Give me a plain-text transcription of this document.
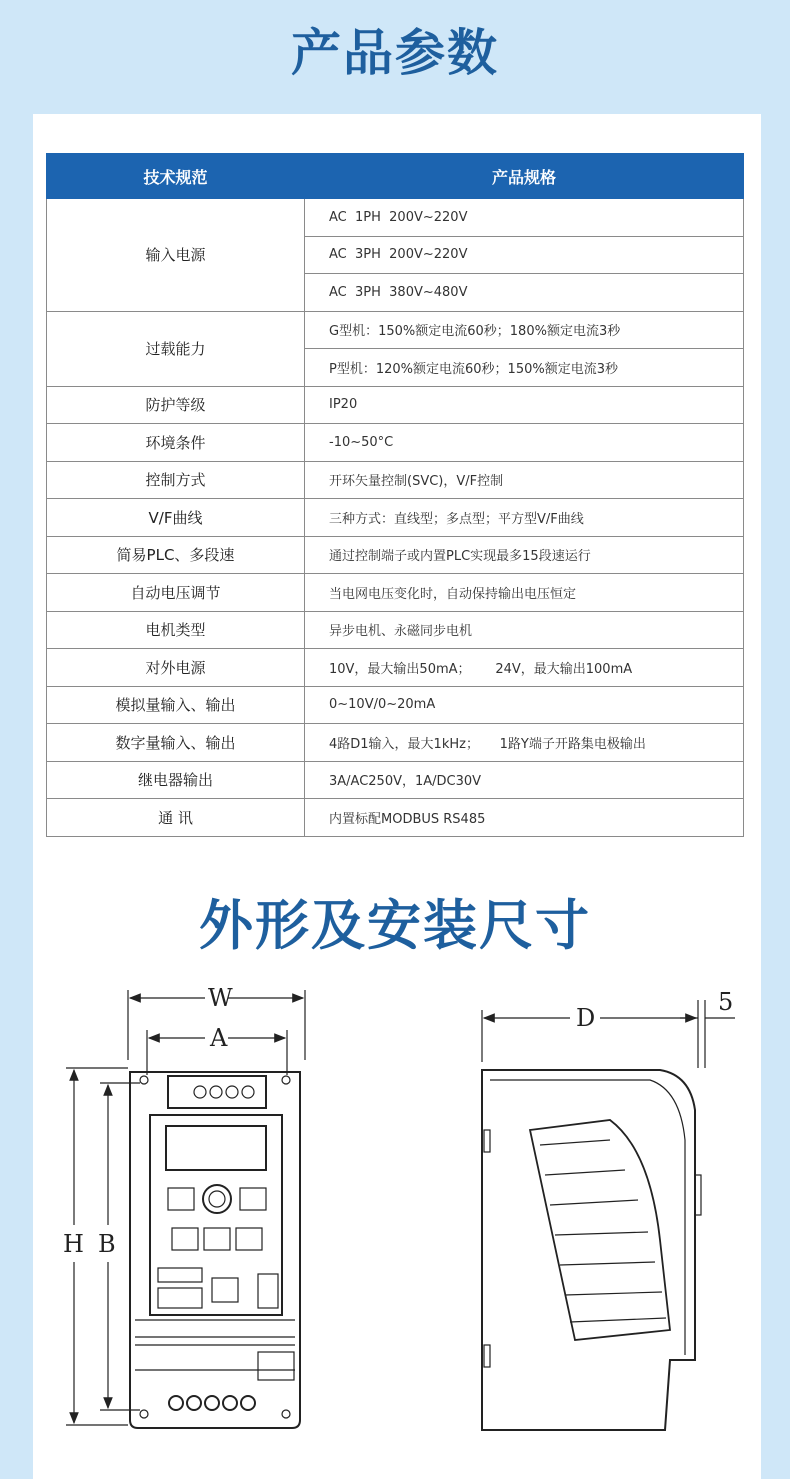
产品参数
技术规范	产品规格
输入电源	AC  1PH  200V~220V
	AC  3PH  200V~220V
	AC  3PH  380V~480V
过载能力	G型机：150%额定电流60秒；180%额定电流3秒
	P型机：120%额定电流60秒；150%额定电流3秒
防护等级	IP20
环境条件	-10~50°C
控制方式	开环矢量控制(SVC)，V/F控制
V/F曲线	三种方式：直线型；多点型；平方型V/F曲线
简易PLC、多段速	通过控制端子或内置PLC实现最多15段速运行
自动电压调节	当电网电压变化时，自动保持输出电压恒定
电机类型	异步电机、永磁同步电机
对外电源	10V，最大输出50mA；      24V，最大输出100mA
模拟量输入、输出	0~10V/0~20mA
数字量输入、输出	4路D1输入，最大1kHz；     1路Y端子开路集电极输出
继电器输出	3A/AC250V，1A/DC30V
通 讯	内置标配MODBUS RS485
外形及安装尺寸
W
A
H B
D
5
